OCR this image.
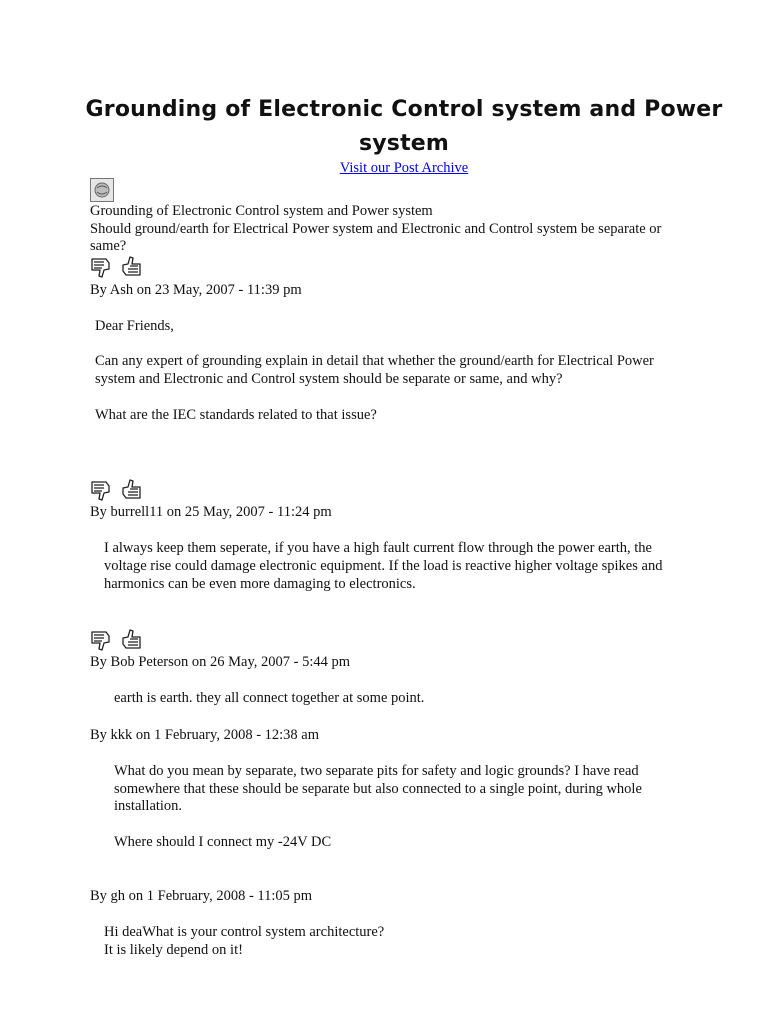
Grounding of Electronic Control system and Power system
Visit our Post Archive
Grounding of Electronic Control system and Power system
Should ground/earth for Electrical Power system and Electronic and Control system be separate or
same?
By Ash on 23 May, 2007 - 11:39 pm
Dear Friends,
Can any expert of grounding explain in detail that whether the ground/earth for Electrical Power
system and Electronic and Control system should be separate or same, and why?
What are the IEC standards related to that issue?
By burrell11 on 25 May, 2007 - 11:24 pm
I always keep them seperate, if you have a high fault current flow through the power earth, the
voltage rise could damage electronic equipment. If the load is reactive higher voltage spikes and
harmonics can be even more damaging to electronics.
By Bob Peterson on 26 May, 2007 - 5:44 pm
earth is earth. they all connect together at some point.
By kkk on 1 February, 2008 - 12:38 am
What do you mean by separate, two separate pits for safety and logic grounds? I have read
somewhere that these should be separate but also connected to a single point, during whole
installation.
Where should I connect my -24V DC
By gh on 1 February, 2008 - 11:05 pm
Hi deaWhat is your control system architecture?
It is likely depend on it!
